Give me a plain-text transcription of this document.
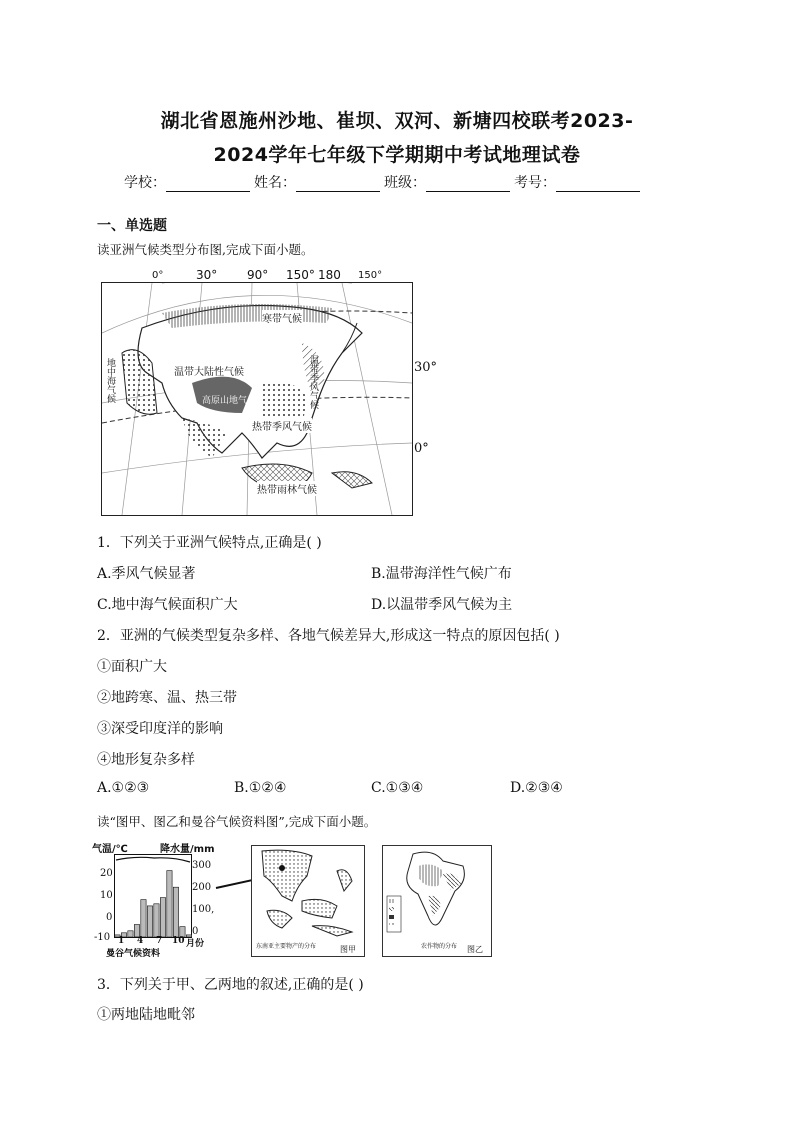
湖北省恩施州沙地、崔坝、双河、新塘四校联考2023-
2024学年七年级下学期期中考试地理试卷
学校：	姓名：	班级：	考号：
一、单选题
读亚洲气候类型分布图,完成下面小题。
0°	30° 90° 150° 180 150°
30°
0°
寒带气候
温带大陆性气候
地中海气候	高原山地气候	温带季风气候
热带季风气候
热带雨林气候
1．下列关于亚洲气候特点,正确是( )
A.季风气候显著	B.温带海洋性气候广布
C.地中海气候面积广大	D.以温带季风气候为主
2．亚洲的气候类型复杂多样、各地气候差异大,形成这一特点的原因包括( )
①面积广大
②地跨寒、温、热三带
③深受印度洋的影响
④地形复杂多样
A.①②③	B.①②④	C.①③④	D.②③④
读“图甲、图乙和曼谷气候资料图”,完成下面小题。
气温/℃	降水量/mm
20
10
0
-10
300
200
100,
0
1 4 7 10 月份
曼谷气候资料
东南亚主要物产的分布	图甲	农作物的分布 图乙
3．下列关于甲、乙两地的叙述,正确的是( )
①两地陆地毗邻
